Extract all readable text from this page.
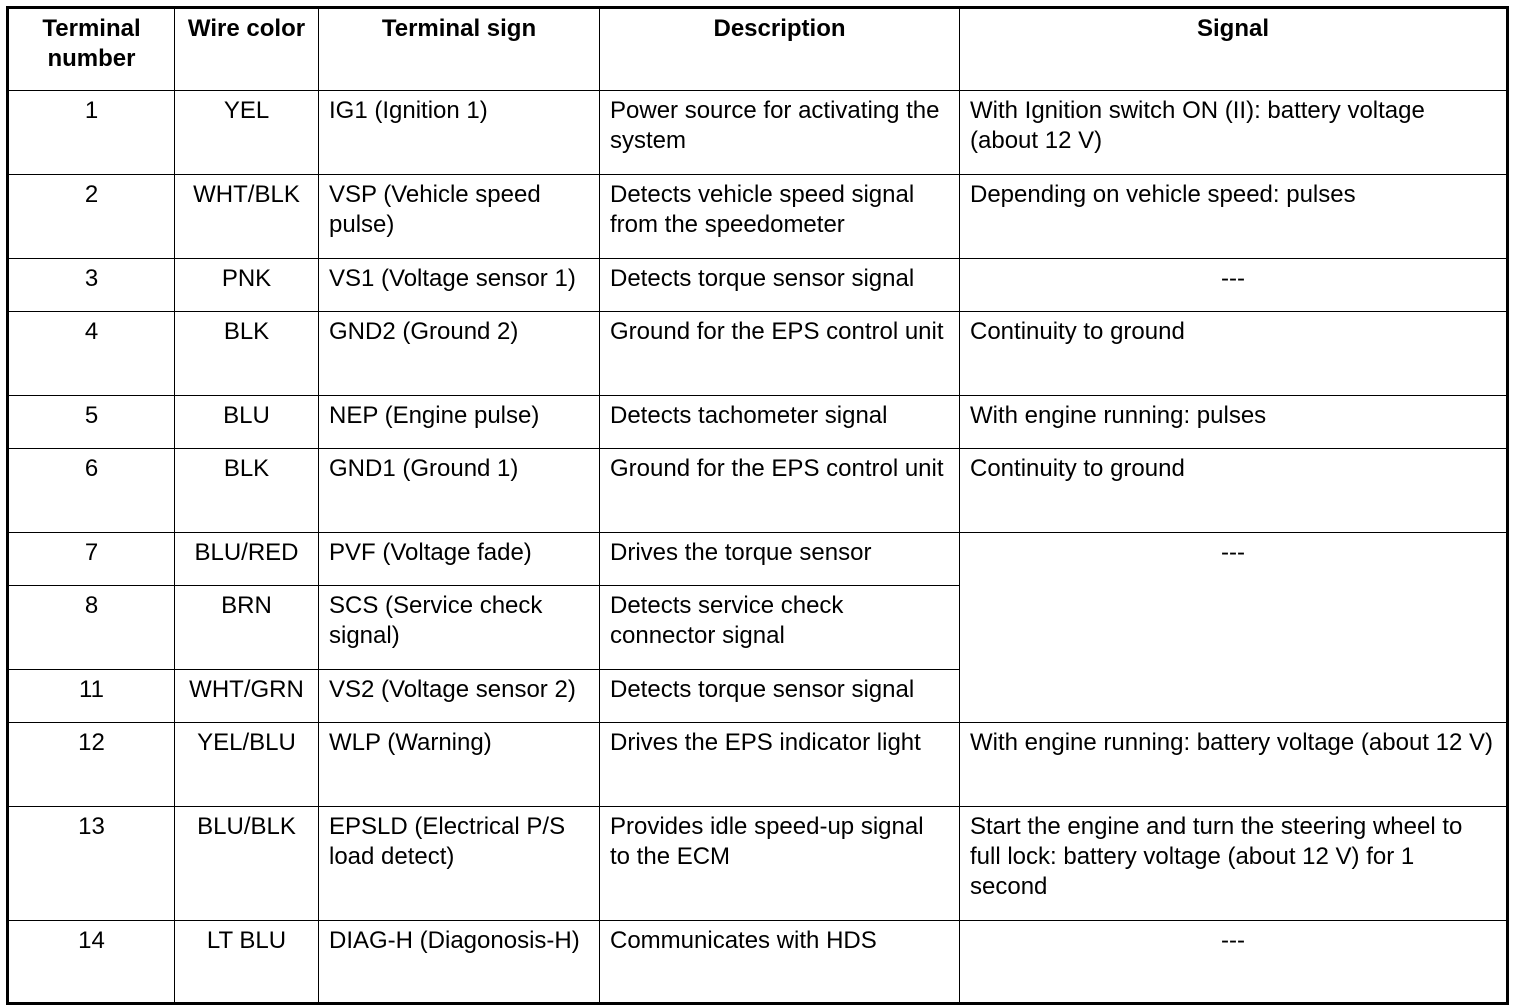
Terminal number	Wire color	Terminal sign	Description	Signal
1	YEL	IG1 (Ignition 1)	Power source for activating the system	With Ignition switch ON (II): battery voltage (about 12 V)
2	WHT/BLK	VSP (Vehicle speed pulse)	Detects vehicle speed signal from the speedometer	Depending on vehicle speed: pulses
3	PNK	VS1 (Voltage sensor 1)	Detects torque sensor signal	---
4	BLK	GND2 (Ground 2)	Ground for the EPS control unit	Continuity to ground
5	BLU	NEP (Engine pulse)	Detects tachometer signal	With engine running: pulses
6	BLK	GND1 (Ground 1)	Ground for the EPS control unit	Continuity to ground
7	BLU/RED	PVF (Voltage fade)	Drives the torque sensor	---
8	BRN	SCS (Service check signal)	Detects service check connector signal	
11	WHT/GRN	VS2 (Voltage sensor 2)	Detects torque sensor signal	
12	YEL/BLU	WLP (Warning)	Drives the EPS indicator light	With engine running: battery voltage (about 12 V)
13	BLU/BLK	EPSLD (Electrical P/S load detect)	Provides idle speed-up signal to the ECM	Start the engine and turn the steering wheel to full lock: battery voltage (about 12 V) for 1 second
14	LT BLU	DIAG-H (Diagonosis-H)	Communicates with HDS	---
